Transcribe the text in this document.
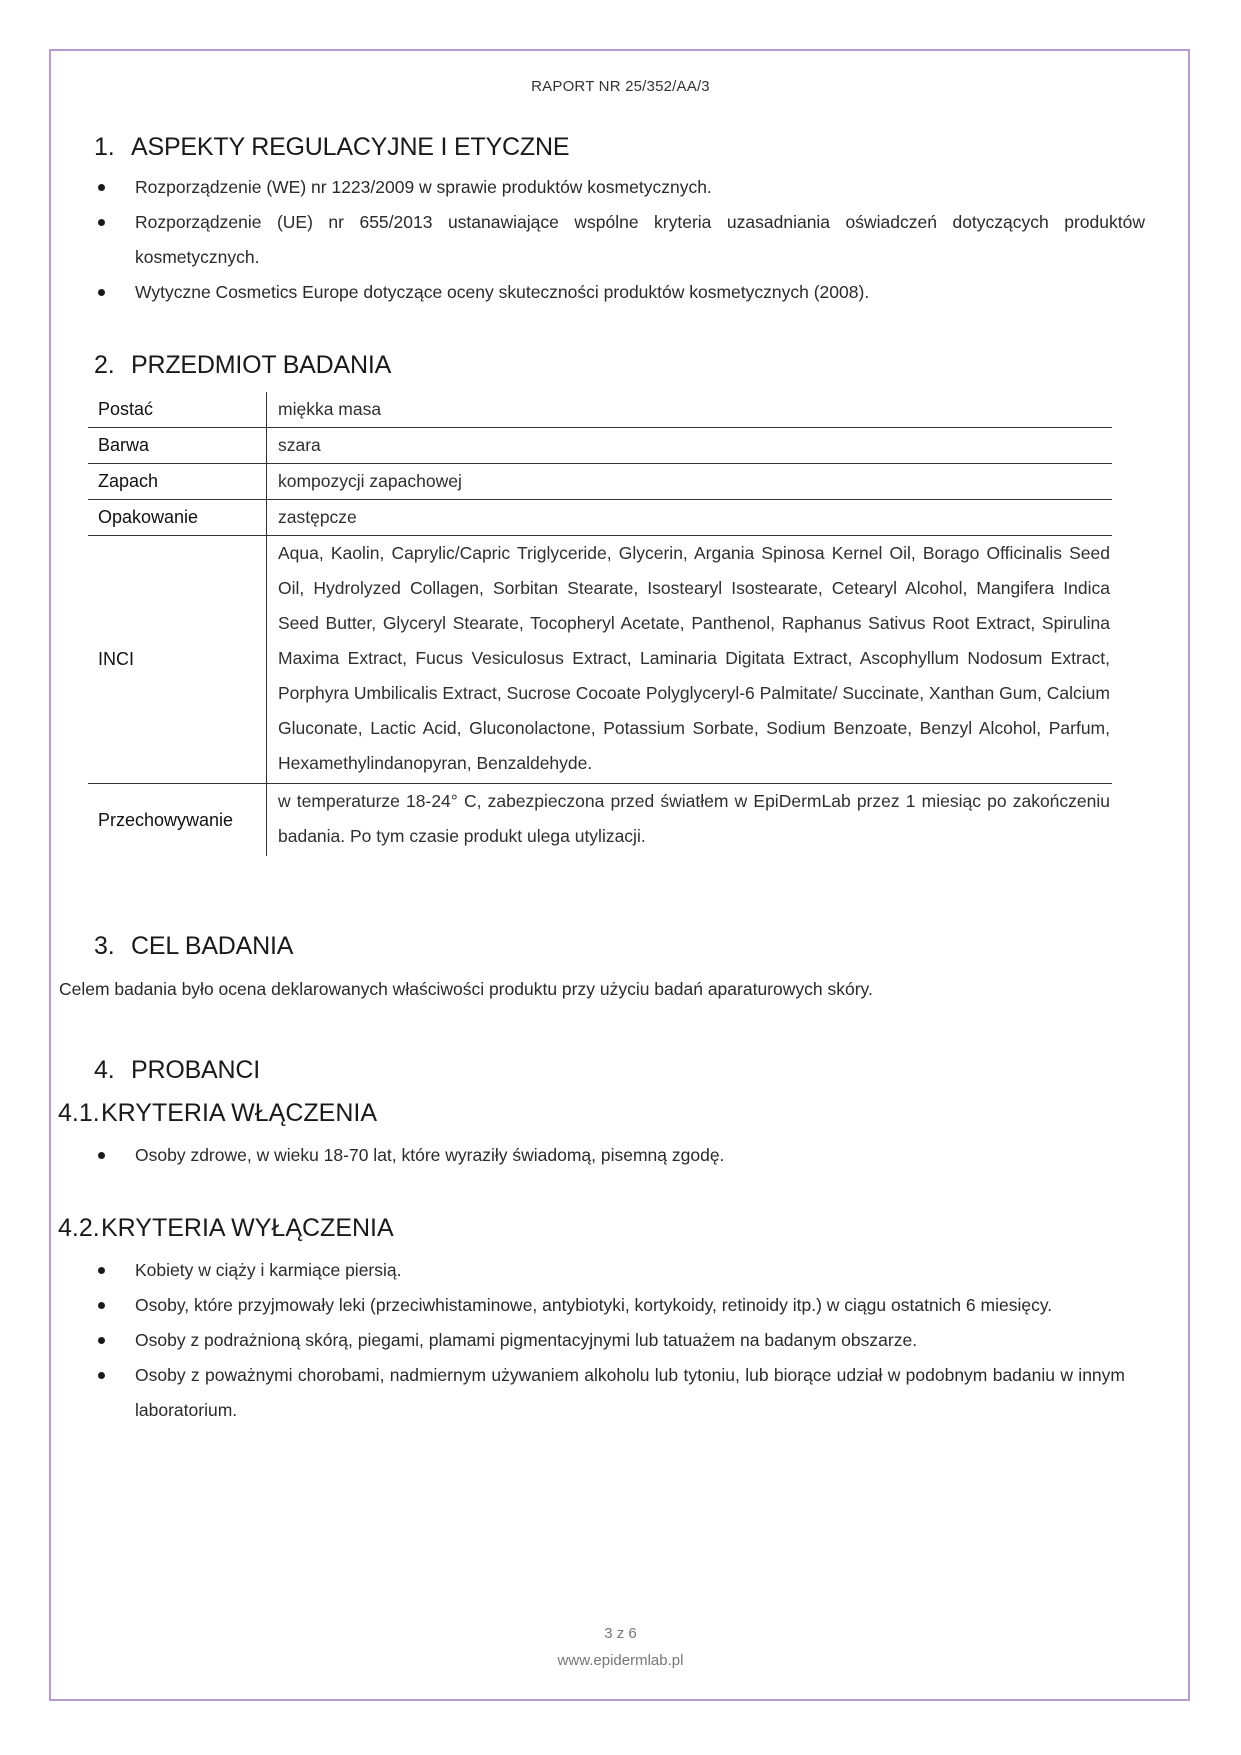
RAPORT NR 25/352/AA/3
1. ASPEKTY REGULACYJNE I ETYCZNE
Rozporządzenie (WE) nr 1223/2009 w sprawie produktów kosmetycznych.
Rozporządzenie (UE) nr 655/2013 ustanawiające wspólne kryteria uzasadniania oświadczeń dotyczących produktów kosmetycznych.
Wytyczne Cosmetics Europe dotyczące oceny skuteczności produktów kosmetycznych (2008).
2. PRZEDMIOT BADANIA
Postać	miękka masa
Barwa	szara
Zapach	kompozycji zapachowej
Opakowanie	zastępcze
INCI	Aqua, Kaolin, Caprylic/Capric Triglyceride, Glycerin, Argania Spinosa Kernel Oil, Borago Officinalis Seed Oil, Hydrolyzed Collagen, Sorbitan Stearate, Isostearyl Isostearate, Cetearyl Alcohol, Mangifera Indica Seed Butter, Glyceryl Stearate, Tocopheryl Acetate, Panthenol, Raphanus Sativus Root Extract, Spirulina Maxima Extract, Fucus Vesiculosus Extract, Laminaria Digitata Extract, Ascophyllum Nodosum Extract, Porphyra Umbilicalis Extract, Sucrose Cocoate Polyglyceryl-6 Palmitate/ Succinate, Xanthan Gum, Calcium Gluconate, Lactic Acid, Gluconolactone, Potassium Sorbate, Sodium Benzoate, Benzyl Alcohol, Parfum, Hexamethylindanopyran, Benzaldehyde.
Przechowywanie	w temperaturze 18-24° C, zabezpieczona przed światłem w EpiDermLab przez 1 miesiąc po zakończeniu badania. Po tym czasie produkt ulega utylizacji.
3. CEL BADANIA

Celem badania było ocena deklarowanych właściwości produktu przy użyciu badań aparaturowych skóry.

4. PROBANCI
4.1.KRYTERIA WŁĄCZENIA
Osoby zdrowe, w wieku 18-70 lat, które wyraziły świadomą, pisemną zgodę.
4.2.KRYTERIA WYŁĄCZENIA
Kobiety w ciąży i karmiące piersią.
Osoby, które przyjmowały leki (przeciwhistaminowe, antybiotyki, kortykoidy, retinoidy itp.) w ciągu ostatnich 6 miesięcy.
Osoby z podrażnioną skórą, piegami, plamami pigmentacyjnymi lub tatuażem na badanym obszarze.
Osoby z poważnymi chorobami, nadmiernym używaniem alkoholu lub tytoniu, lub biorące udział w podobnym badaniu w innym laboratorium.
3 z 6
www.epidermlab.pl
